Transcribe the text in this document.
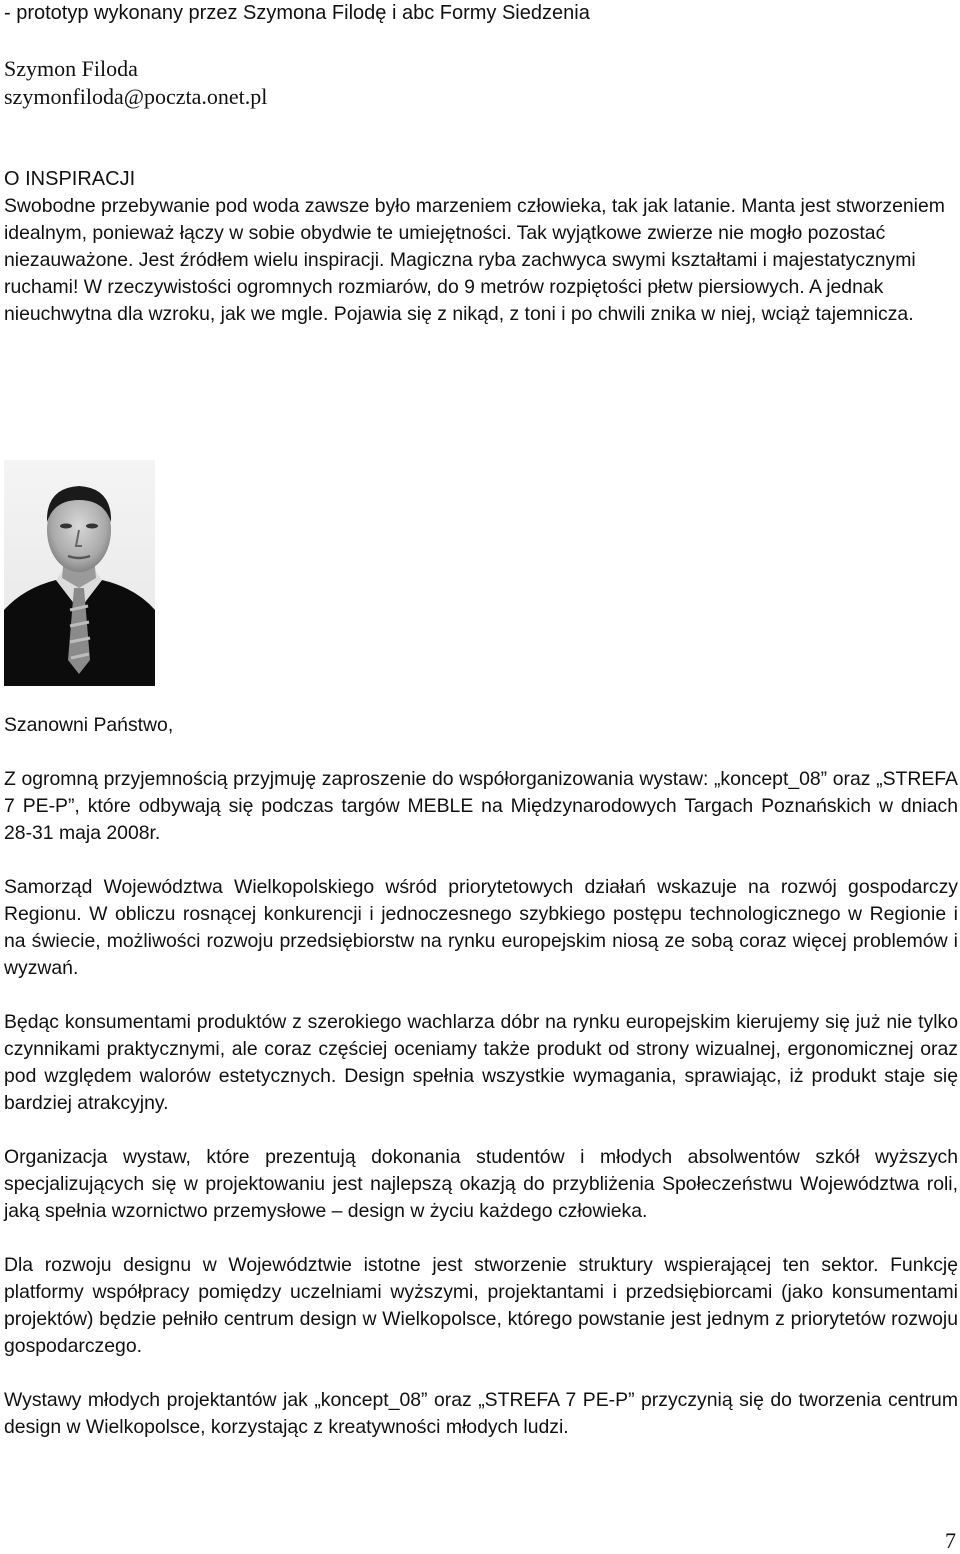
- prototyp wykonany przez Szymona Filodę i abc Formy Siedzenia
Szymon Filoda
szymonfiloda@poczta.onet.pl
O INSPIRACJI

Swobodne przebywanie pod woda zawsze było marzeniem człowieka, tak jak latanie. Manta jest stworzeniem idealnym, ponieważ łączy w sobie obydwie te umiejętności. Tak wyjątkowe zwierze nie mogło pozostać niezauważone. Jest źródłem wielu inspiracji. Magiczna ryba zachwyca swymi kształtami i majestatycznymi ruchami! W rzeczywistości ogromnych rozmiarów, do 9 metrów rozpiętości płetw piersiowych. A jednak nieuchwytna dla wzroku, jak we mgle. Pojawia się z nikąd, z toni i po chwili znika w niej, wciąż tajemnicza.

Szanowni Państwo,

Z ogromną przyjemnością przyjmuję zaproszenie do współorganizowania wystaw: „koncept_08” oraz „STREFA 7 PE-P”, które odbywają się podczas targów MEBLE na Międzynarodowych Targach Poznańskich w dniach 28-31 maja 2008r.

Samorząd Województwa Wielkopolskiego wśród priorytetowych działań wskazuje na rozwój gospodarczy Regionu. W obliczu rosnącej konkurencji i jednoczesnego szybkiego postępu technologicznego w Regionie i na świecie, możliwości rozwoju przedsiębiorstw na rynku europejskim niosą ze sobą coraz więcej problemów i wyzwań.

Będąc konsumentami produktów z szerokiego wachlarza dóbr na rynku europejskim kierujemy się już nie tylko czynnikami praktycznymi, ale coraz częściej oceniamy także produkt od strony wizualnej, ergonomicznej oraz pod względem walorów estetycznych. Design spełnia wszystkie wymagania, sprawiając, iż produkt staje się bardziej atrakcyjny.

Organizacja wystaw, które prezentują dokonania studentów i młodych absolwentów szkół wyższych specjalizujących się w projektowaniu jest najlepszą okazją do przybliżenia Społeczeństwu Województwa roli, jaką spełnia wzornictwo przemysłowe – design w życiu każdego człowieka.

Dla rozwoju designu w Województwie istotne jest stworzenie struktury wspierającej ten sektor. Funkcję platformy współpracy pomiędzy uczelniami wyższymi, projektantami i przedsiębiorcami (jako konsumentami projektów) będzie pełniło centrum design w Wielkopolsce, którego powstanie jest jednym z priorytetów rozwoju gospodarczego.

Wystawy młodych projektantów jak „koncept_08” oraz „STREFA 7 PE-P” przyczynią się do tworzenia centrum design w Wielkopolsce, korzystając z kreatywności młodych ludzi.

7
